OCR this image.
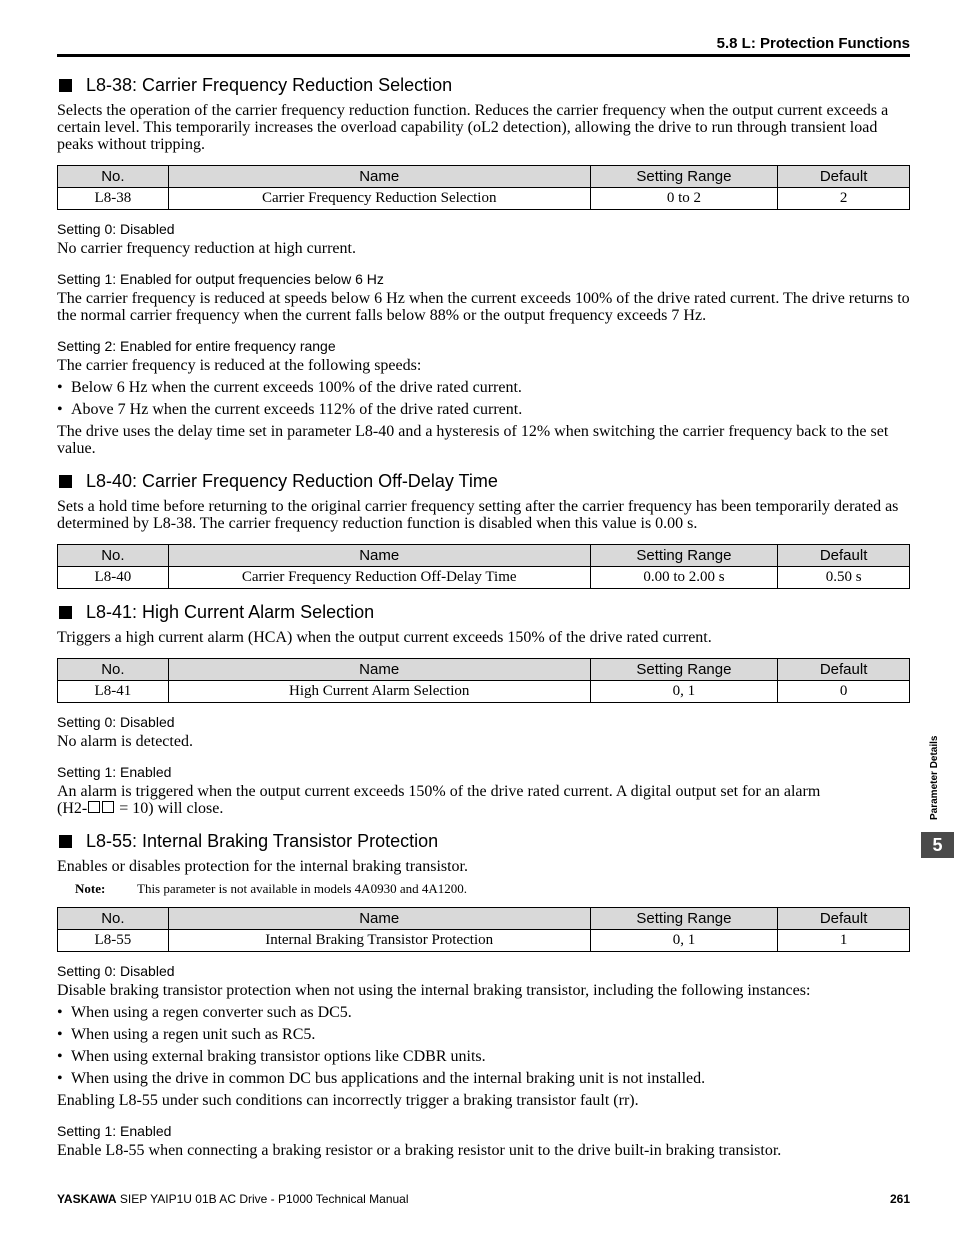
5.8 L: Protection Functions
L8-38: Carrier Frequency Reduction Selection

Selects the operation of the carrier frequency reduction function. Reduces the carrier frequency when the output current exceeds a certain level. This temporarily increases the overload capability (oL2 detection), allowing the drive to run through transient load peaks without tripping.

No.	Name	Setting Range	Default
L8-38	Carrier Frequency Reduction Selection	0 to 2	2
Setting 0: Disabled

No carrier frequency reduction at high current.

Setting 1: Enabled for output frequencies below 6 Hz

The carrier frequency is reduced at speeds below 6 Hz when the current exceeds 100% of the drive rated current. The drive returns to the normal carrier frequency when the current falls below 88% or the output frequency exceeds 7 Hz.

Setting 2: Enabled for entire frequency range

The carrier frequency is reduced at the following speeds:

• Below 6 Hz when the current exceeds 100% of the drive rated current.
• Above 7 Hz when the current exceeds 112% of the drive rated current.

The drive uses the delay time set in parameter L8-40 and a hysteresis of 12% when switching the carrier frequency back to the set value.

L8-40: Carrier Frequency Reduction Off-Delay Time

Sets a hold time before returning to the original carrier frequency setting after the carrier frequency has been temporarily derated as determined by L8-38. The carrier frequency reduction function is disabled when this value is 0.00 s.

No.	Name	Setting Range	Default
L8-40	Carrier Frequency Reduction Off-Delay Time	0.00 to 2.00 s	0.50 s
L8-41: High Current Alarm Selection

Triggers a high current alarm (HCA) when the output current exceeds 150% of the drive rated current.

No.	Name	Setting Range	Default
L8-41	High Current Alarm Selection	0, 1	0
Setting 0: Disabled

No alarm is detected.

Setting 1: Enabled

An alarm is triggered when the output current exceeds 150% of the drive rated current. A digital output set for an alarm
(H2- = 10) will close.

L8-55: Internal Braking Transistor Protection

Enables or disables protection for the internal braking transistor.

Note:	This parameter is not available in models 4A0930 and 4A1200.
No.	Name	Setting Range	Default
L8-55	Internal Braking Transistor Protection	0, 1	1
Setting 0: Disabled

Disable braking transistor protection when not using the internal braking transistor, including the following instances:

• When using a regen converter such as DC5.
• When using a regen unit such as RC5.
• When using external braking transistor options like CDBR units.
• When using the drive in common DC bus applications and the internal braking unit is not installed.

Enabling L8-55 under such conditions can incorrectly trigger a braking transistor fault (rr).

Setting 1: Enabled

Enable L8-55 when connecting a braking resistor or a braking resistor unit to the drive built-in braking transistor.

Parameter Details
5
YASKAWA SIEP YAIP1U 01B AC Drive - P1000 Technical Manual	261
